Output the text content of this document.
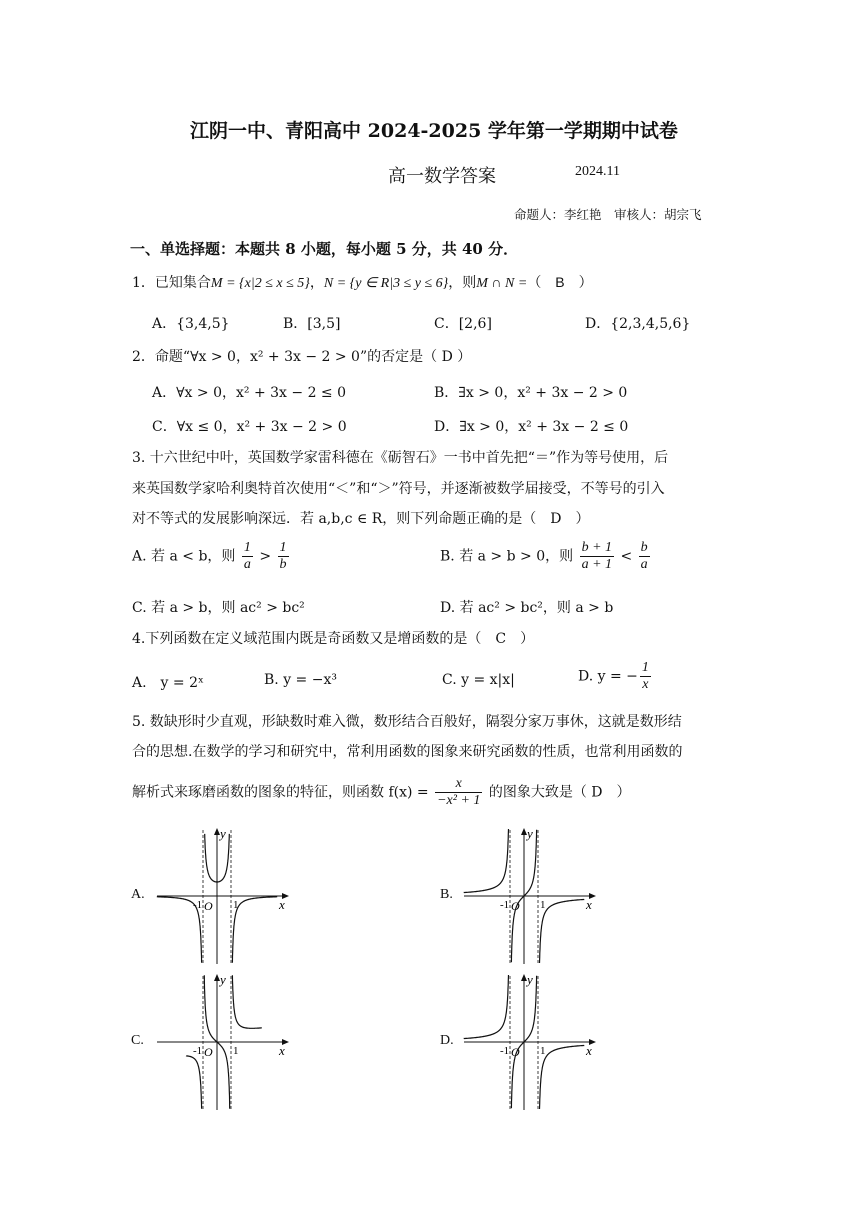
江阴一中、青阳高中 2024-2025 学年第一学期期中试卷
高一数学答案	2024.11
命题人：李红艳　审核人：胡宗飞
一、单选择题：本题共 8 小题，每小题 5 分，共 40 分．
1．已知集合M = {x|2 ≤ x ≤ 5}，N = {y ∈ R|3 ≤ y ≤ 6}，则M ∩ N =（　B　）
A．{3,4,5}	B．[3,5]	C．[2,6]	D．{2,3,4,5,6}
2．命题“∀x > 0，x² + 3x − 2 > 0”的否定是（ D ）
A．∀x > 0，x² + 3x − 2 ≤ 0	B．∃x > 0，x² + 3x − 2 > 0
C．∀x ≤ 0，x² + 3x − 2 > 0	D．∃x > 0，x² + 3x − 2 ≤ 0
3. 十六世纪中叶，英国数学家雷科德在《砺智石》一书中首先把“＝”作为等号使用，后
来英国数学家哈利奥特首次使用“＜”和“＞”符号，并逐渐被数学届接受，不等号的引入
对不等式的发展影响深远．若 a,b,c ∈ R，则下列命题正确的是（　D　）
A. 若 a < b，则 $\frac{1}{a} > \frac{1}{b}$	B. 若 a > b > 0，则 $\frac{b + 1}{a + 1} < \frac{b}{a}$
C. 若 a > b，则 ac² > bc²	D. 若 ac² > bc²，则 a > b
4.下列函数在定义域范围内既是奇函数又是增函数的是（　C　）
A.　y = 2ˣ	B. y = −x³	C. y = x|x|	D. y = − $\frac{1}{x}$
5. 数缺形时少直观，形缺数时难入微，数形结合百般好，隔裂分家万事休，这就是数形结
合的思想.在数学的学习和研究中，常利用函数的图象来研究函数的性质，也常利用函数的
解析式来琢磨函数的图象的特征，则函数 $f(x) = \frac{x}{\text{−x² + 1}}$ 的图象大致是（ D　）
A.	B.
C.	D.
x
y
O
-1	1	x
y
O
-1	1
x
y
O
-1	1	x
y
O
-1	1
